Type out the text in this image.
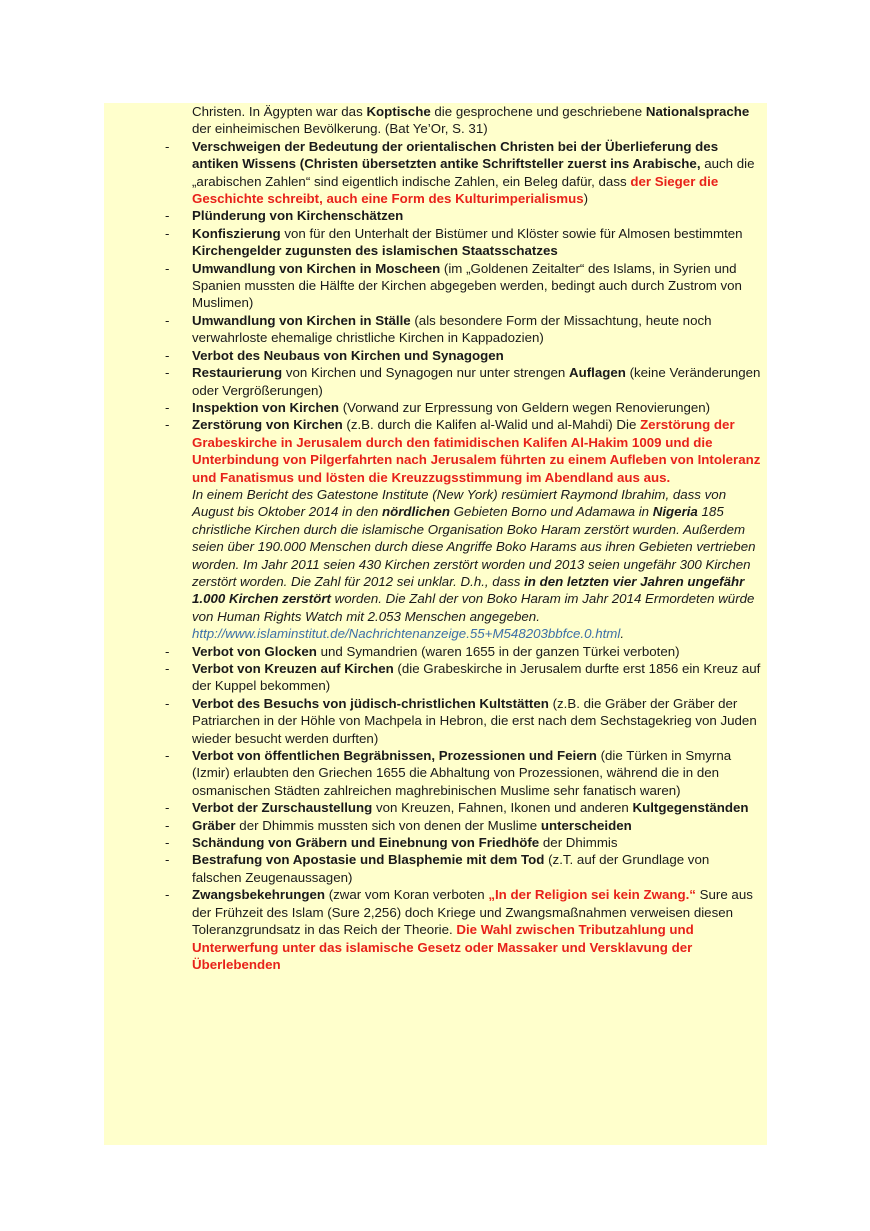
Christen. In Ägypten war das Koptische die gesprochene und geschriebene Nationalsprache der einheimischen Bevölkerung. (Bat Ye’Or, S. 31)
- Verschweigen der Bedeutung der orientalischen Christen bei der Überlieferung des antiken Wissens (Christen übersetzten antike Schriftsteller zuerst ins Arabische, auch die „arabischen Zahlen“ sind eigentlich indische Zahlen, ein Beleg dafür, dass der Sieger die Geschichte schreibt, auch eine Form des Kulturimperialismus)
- Plünderung von Kirchenschätzen
- Konfiszierung von für den Unterhalt der Bistümer und Klöster sowie für Almosen bestimmten Kirchengelder zugunsten des islamischen Staatsschatzes
- Umwandlung von Kirchen in Moscheen (im „Goldenen Zeitalter“ des Islams, in Syrien und Spanien mussten die Hälfte der Kirchen abgegeben werden, bedingt auch durch Zustrom von Muslimen)
- Umwandlung von Kirchen in Ställe (als besondere Form der Missachtung, heute noch verwahrloste ehemalige christliche Kirchen in Kappadozien)
- Verbot des Neubaus von Kirchen und Synagogen
- Restaurierung von Kirchen und Synagogen nur unter strengen Auflagen (keine Veränderungen oder Vergrößerungen)
- Inspektion von Kirchen (Vorwand zur Erpressung von Geldern wegen Renovierungen)
- Zerstörung von Kirchen (z.B. durch die Kalifen al-Walid und al-Mahdi) Die Zerstörung der Grabeskirche in Jerusalem durch den fatimidischen Kalifen Al-Hakim 1009 und die Unterbindung von Pilgerfahrten nach Jerusalem führten zu einem Aufleben von Intoleranz und Fanatismus und lösten die Kreuzzugsstimmung im Abendland aus aus.
In einem Bericht des Gatestone Institute (New York) resümiert Raymond Ibrahim, dass von August bis Oktober 2014 in den nördlichen Gebieten Borno und Adamawa in Nigeria 185 christliche Kirchen durch die islamische Organisation Boko Haram zerstört wurden. Außerdem seien über 190.000 Menschen durch diese Angriffe Boko Harams aus ihren Gebieten vertrieben worden. Im Jahr 2011 seien 430 Kirchen zerstört worden und 2013 seien ungefähr 300 Kirchen zerstört worden. Die Zahl für 2012 sei unklar. D.h., dass in den letzten vier Jahren ungefähr 1.000 Kirchen zerstört worden. Die Zahl der von Boko Haram im Jahr 2014 Ermordeten würde von Human Rights Watch mit 2.053 Menschen angegeben.
http://www.islaminstitut.de/Nachrichtenanzeige.55+M548203bbfce.0.html.
- Verbot von Glocken und Symandrien (waren 1655 in der ganzen Türkei verboten)
- Verbot von Kreuzen auf Kirchen (die Grabeskirche in Jerusalem durfte erst 1856 ein Kreuz auf der Kuppel bekommen)
- Verbot des Besuchs von jüdisch-christlichen Kultstätten (z.B. die Gräber der Gräber der Patriarchen in der Höhle von Machpela in Hebron, die erst nach dem Sechstagekrieg von Juden wieder besucht werden durften)
- Verbot von öffentlichen Begräbnissen, Prozessionen und Feiern (die Türken in Smyrna (Izmir) erlaubten den Griechen 1655 die Abhaltung von Prozessionen, während die in den osmanischen Städten zahlreichen maghrebinischen Muslime sehr fanatisch waren)
- Verbot der Zurschaustellung von Kreuzen, Fahnen, Ikonen und anderen Kultgegenständen
- Gräber der Dhimmis mussten sich von denen der Muslime unterscheiden
- Schändung von Gräbern und Einebnung von Friedhöfe der Dhimmis
- Bestrafung von Apostasie und Blasphemie mit dem Tod (z.T. auf der Grundlage von falschen Zeugenaussagen)
- Zwangsbekehrungen (zwar vom Koran verboten „In der Religion sei kein Zwang.“ Sure aus der Frühzeit des Islam (Sure 2,256) doch Kriege und Zwangsmaßnahmen verweisen diesen Toleranzgrundsatz in das Reich der Theorie. Die Wahl zwischen Tributzahlung und Unterwerfung unter das islamische Gesetz oder Massaker und Versklavung der Überlebenden
